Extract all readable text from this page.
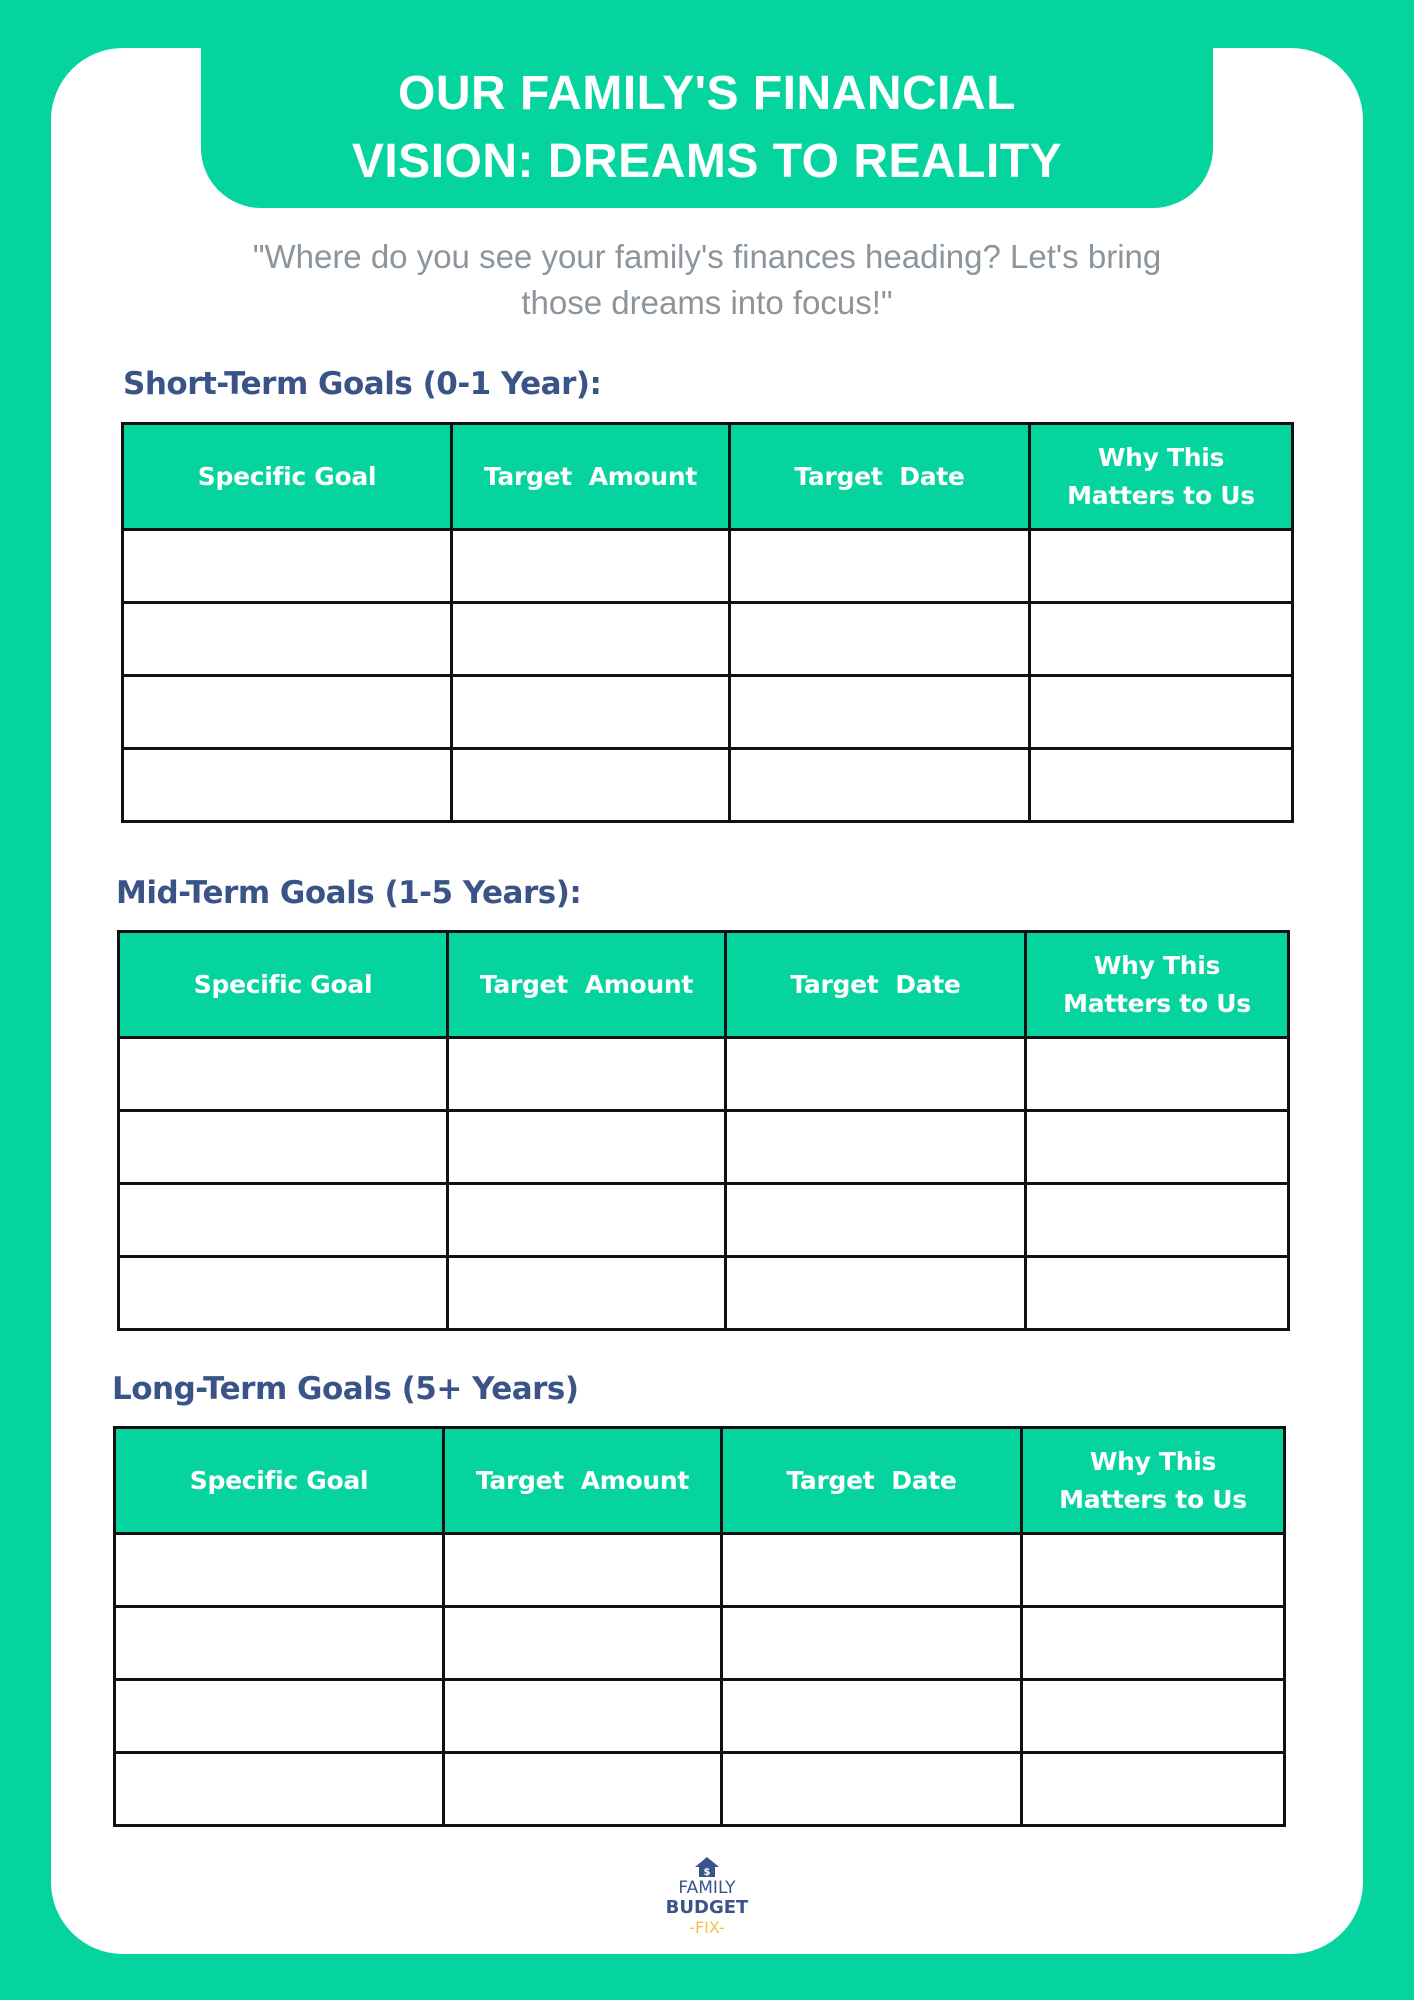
OUR FAMILY'S FINANCIAL
VISION: DREAMS TO REALITY
"Where do you see your family's finances heading? Let's bring
those dreams into focus!"
Short-Term Goals (0-1 Year):
Specific Goal	Target  Amount	Target  Date	Why This
Matters to Us

Mid-Term Goals (1-5 Years):
Specific Goal	Target  Amount	Target  Date	Why This
Matters to Us

Long-Term Goals (5+ Years)
Specific Goal	Target  Amount	Target  Date	Why This
Matters to Us

$
FAMILY
BUDGET
-FIX-
